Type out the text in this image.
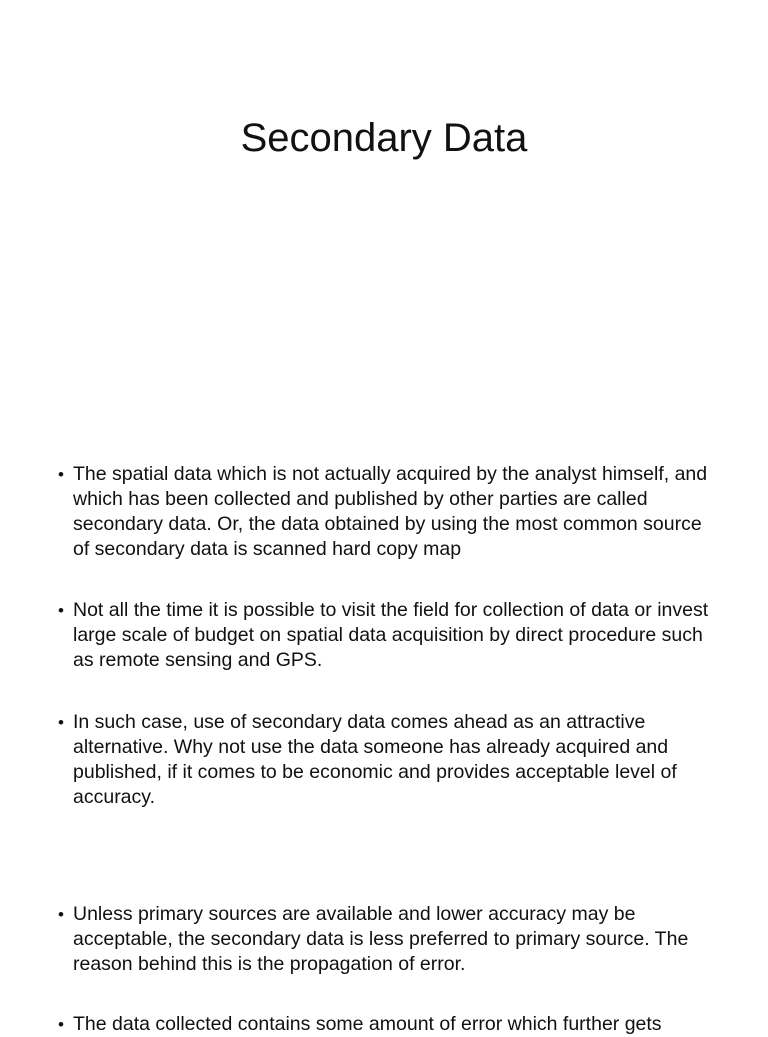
Secondary Data
• The spatial data which is not actually acquired by the analyst himself, and which has been collected and published by other parties are called secondary data. Or, the data obtained by using the most common source of secondary data is scanned hard copy map
• Not all the time it is possible to visit the field for collection of data or invest large scale of budget on spatial data acquisition by direct procedure such as remote sensing and GPS.
• In such case, use of secondary data comes ahead as an attractive alternative. Why not use the data someone has already acquired and published, if it comes to be economic and provides acceptable level of accuracy.
• Unless primary sources are available and lower accuracy may be acceptable, the secondary data is less preferred to primary source. The reason behind this is the propagation of error.
• The data collected contains some amount of error which further gets
